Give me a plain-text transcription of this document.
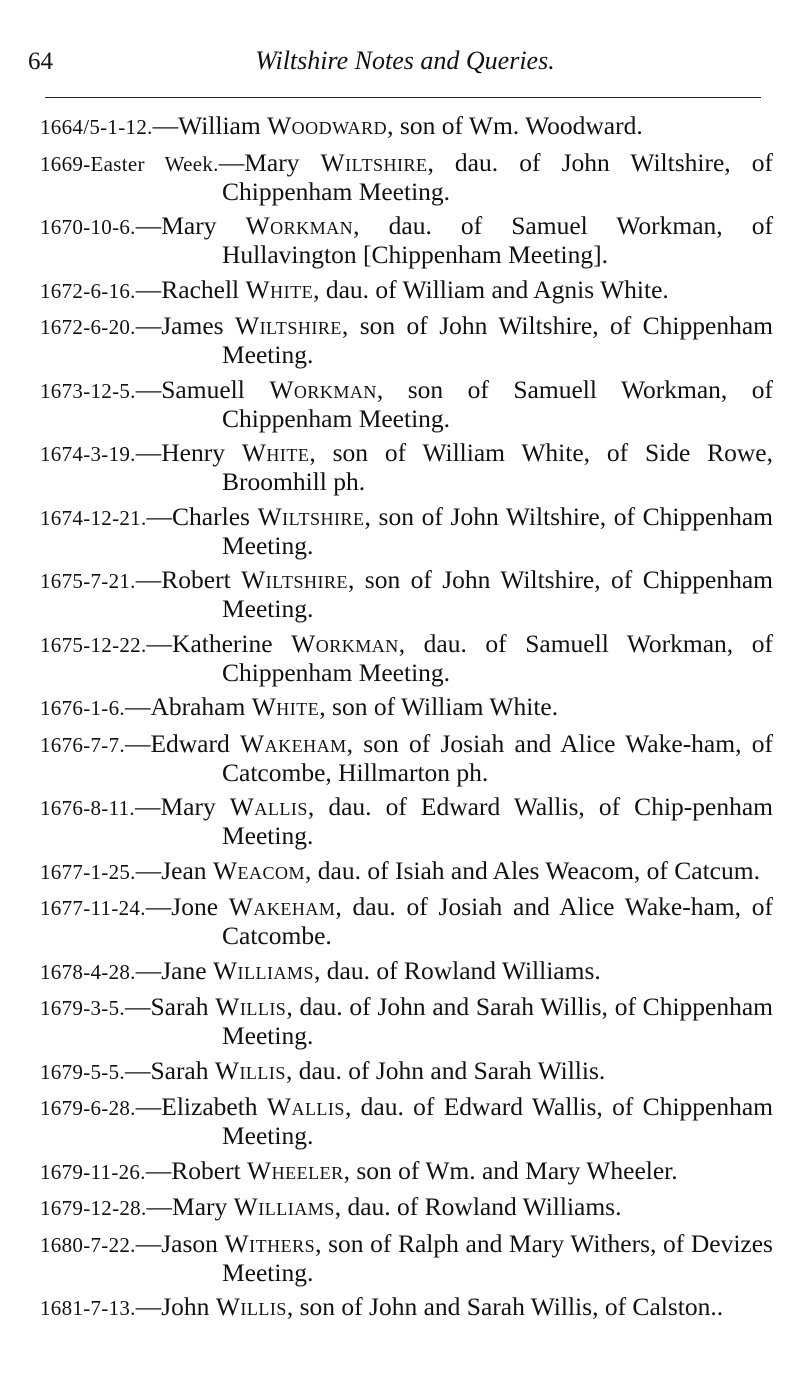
64	Wiltshire Notes and Queries.
1664/5-1-12.—William Woodward, son of Wm. Woodward.
1669-Easter Week.—Mary Wiltshire, dau. of John Wiltshire, of Chippenham Meeting.
1670-10-6.—Mary Workman, dau. of Samuel Workman, of Hullavington [Chippenham Meeting].
1672-6-16.—Rachell White, dau. of William and Agnis White.
1672-6-20.—James Wiltshire, son of John Wiltshire, of Chippenham Meeting.
1673-12-5.—Samuell Workman, son of Samuell Workman, of Chippenham Meeting.
1674-3-19.—Henry White, son of William White, of Side Rowe, Broomhill ph.
1674-12-21.—Charles Wiltshire, son of John Wiltshire, of Chippenham Meeting.
1675-7-21.—Robert Wiltshire, son of John Wiltshire, of Chippenham Meeting.
1675-12-22.—Katherine Workman, dau. of Samuell Workman, of Chippenham Meeting.
1676-1-6.—Abraham White, son of William White.
1676-7-7.—Edward Wakeham, son of Josiah and Alice Wake-ham, of Catcombe, Hillmarton ph.
1676-8-11.—Mary Wallis, dau. of Edward Wallis, of Chip-penham Meeting.
1677-1-25.—Jean Weacom, dau. of Isiah and Ales Weacom, of Catcum.
1677-11-24.—Jone Wakeham, dau. of Josiah and Alice Wake-ham, of Catcombe.
1678-4-28.—Jane Williams, dau. of Rowland Williams.
1679-3-5.—Sarah Willis, dau. of John and Sarah Willis, of Chippenham Meeting.
1679-5-5.—Sarah Willis, dau. of John and Sarah Willis.
1679-6-28.—Elizabeth Wallis, dau. of Edward Wallis, of Chippenham Meeting.
1679-11-26.—Robert Wheeler, son of Wm. and Mary Wheeler.
1679-12-28.—Mary Williams, dau. of Rowland Williams.
1680-7-22.—Jason Withers, son of Ralph and Mary Withers, of Devizes Meeting.
1681-7-13.—John Willis, son of John and Sarah Willis, of Calston..
